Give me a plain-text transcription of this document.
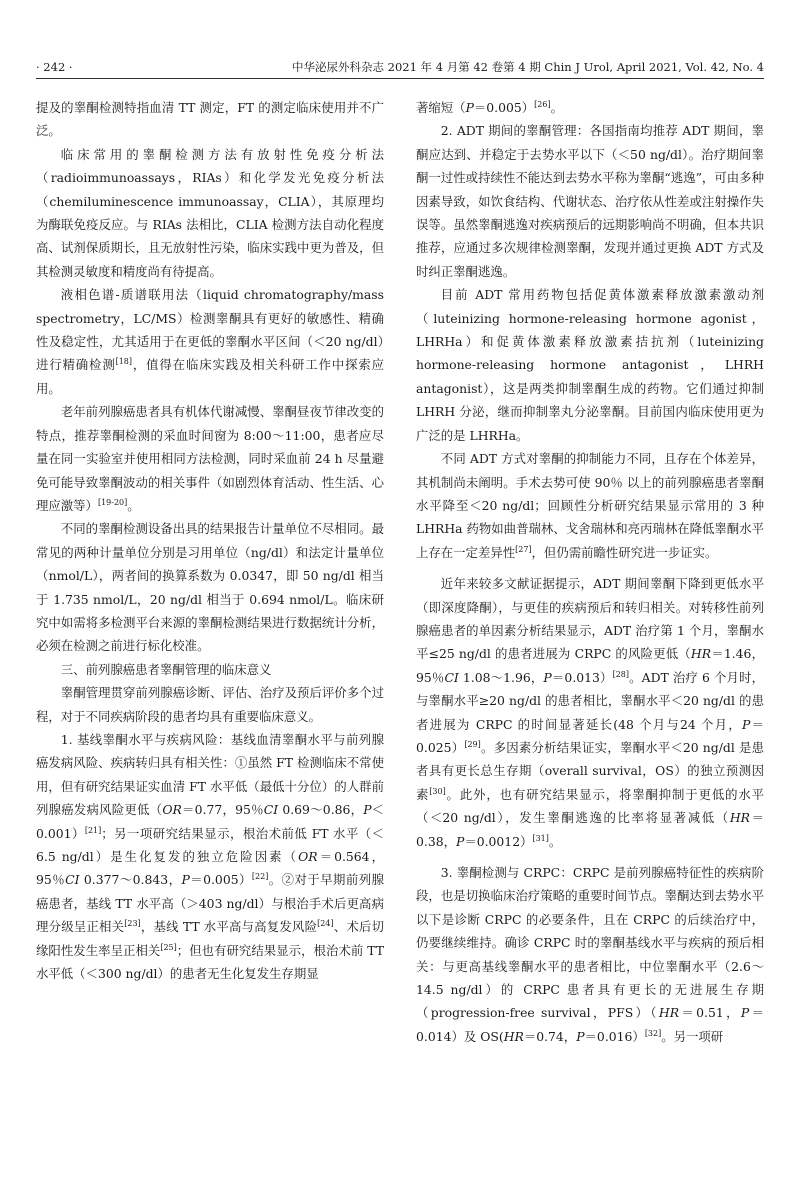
· 242 ·	中华泌尿外科杂志 2021 年 4 月第 42 卷第 4 期 Chin J Urol, April 2021, Vol. 42, No. 4

提及的睾酮检测特指血清 TT 测定，FT 的测定临床使用并不广泛。

临床常用的睾酮检测方法有放射性免疫分析法（radioimmunoassays，RIAs）和化学发光免疫分析法（chemiluminescence immunoassay，CLIA），其原理均为酶联免疫反应。与 RIAs 法相比，CLIA 检测方法自动化程度高、试剂保质期长，且无放射性污染，临床实践中更为普及，但其检测灵敏度和精度尚有待提高。

液相色谱-质谱联用法（liquid chromatography/mass spectrometry，LC/MS）检测睾酮具有更好的敏感性、精确性及稳定性，尤其适用于在更低的睾酮水平区间（＜20 ng/dl）进行精确检测[18]，值得在临床实践及相关科研工作中探索应用。

老年前列腺癌患者具有机体代谢减慢、睾酮昼夜节律改变的特点，推荐睾酮检测的采血时间窗为 8:00～11:00，患者应尽量在同一实验室并使用相同方法检测，同时采血前 24 h 尽量避免可能导致睾酮波动的相关事件（如剧烈体育活动、性生活、心理应激等）[19-20]。

不同的睾酮检测设备出具的结果报告计量单位不尽相同。最常见的两种计量单位分别是习用单位（ng/dl）和法定计量单位（nmol/L），两者间的换算系数为 0.0347，即 50 ng/dl 相当于 1.735 nmol/L，20 ng/dl 相当于 0.694 nmol/L。临床研究中如需将多检测平台来源的睾酮检测结果进行数据统计分析，必须在检测之前进行标化校准。

三、前列腺癌患者睾酮管理的临床意义

睾酮管理贯穿前列腺癌诊断、评估、治疗及预后评价多个过程，对于不同疾病阶段的患者均具有重要临床意义。

1. 基线睾酮水平与疾病风险：基线血清睾酮水平与前列腺癌发病风险、疾病转归具有相关性：①虽然 FT 检测临床不常使用，但有研究结果证实血清 FT 水平低（最低十分位）的人群前列腺癌发病风险更低（OR＝0.77，95％CI 0.69～0.86，P＜0.001）[21]；另一项研究结果显示，根治术前低 FT 水平（＜6.5 ng/dl）是生化复发的独立危险因素（OR＝0.564，95％CI 0.377～0.843，P＝0.005）[22]。②对于早期前列腺癌患者，基线 TT 水平高（＞403 ng/dl）与根治手术后更高病理分级呈正相关[23]，基线 TT 水平高与高复发风险[24]、术后切缘阳性发生率呈正相关[25]；但也有研究结果显示，根治术前 TT 水平低（＜300 ng/dl）的患者无生化复发生存期显

著缩短（P＝0.005）[26]。

2. ADT 期间的睾酮管理：各国指南均推荐 ADT 期间，睾酮应达到、并稳定于去势水平以下（＜50 ng/dl）。治疗期间睾酮一过性或持续性不能达到去势水平称为睾酮“逃逸”，可由多种因素导致，如饮食结构、代谢状态、治疗依从性差或注射操作失误等。虽然睾酮逃逸对疾病预后的远期影响尚不明确，但本共识推荐，应通过多次规律检测睾酮，发现并通过更换 ADT 方式及时纠正睾酮逃逸。

目前 ADT 常用药物包括促黄体激素释放激素激动剂（luteinizing hormone-releasing hormone agonist，LHRHa）和促黄体激素释放激素拮抗剂（luteinizing hormone-releasing hormone antagonist，LHRH antagonist），这是两类抑制睾酮生成的药物。它们通过抑制 LHRH 分泌，继而抑制睾丸分泌睾酮。目前国内临床使用更为广泛的是 LHRHa。

不同 ADT 方式对睾酮的抑制能力不同，且存在个体差异，其机制尚未阐明。手术去势可使 90％ 以上的前列腺癌患者睾酮水平降至＜20 ng/dl；回顾性分析研究结果显示常用的 3 种 LHRHa 药物如曲普瑞林、戈舍瑞林和亮丙瑞林在降低睾酮水平上存在一定差异性[27]，但仍需前瞻性研究进一步证实。

近年来较多文献证据提示，ADT 期间睾酮下降到更低水平（即深度降酮），与更佳的疾病预后和转归相关。对转移性前列腺癌患者的单因素分析结果显示，ADT 治疗第 1 个月，睾酮水平≤25 ng/dl 的患者进展为 CRPC 的风险更低（HR＝1.46，95％CI 1.08～1.96，P＝0.013）[28]。ADT 治疗 6 个月时，与睾酮水平≥20 ng/dl 的患者相比，睾酮水平＜20 ng/dl 的患者进展为 CRPC 的时间显著延长(48 个月与24 个月，P＝0.025）[29]。多因素分析结果证实，睾酮水平＜20 ng/dl 是患者具有更长总生存期（overall survival，OS）的独立预测因素[30]。此外，也有研究结果显示，将睾酮抑制于更低的水平（＜20 ng/dl），发生睾酮逃逸的比率将显著减低（HR＝0.38，P＝0.0012）[31]。

3. 睾酮检测与 CRPC：CRPC 是前列腺癌特征性的疾病阶段，也是切换临床治疗策略的重要时间节点。睾酮达到去势水平以下是诊断 CRPC 的必要条件，且在 CRPC 的后续治疗中，仍要继续维持。确诊 CRPC 时的睾酮基线水平与疾病的预后相关：与更高基线睾酮水平的患者相比，中位睾酮水平（2.6～14.5 ng/dl）的 CRPC 患者具有更长的无进展生存期（progression-free survival，PFS）（HR＝0.51，P＝0.014）及 OS(HR＝0.74，P＝0.016）[32]。另一项研
